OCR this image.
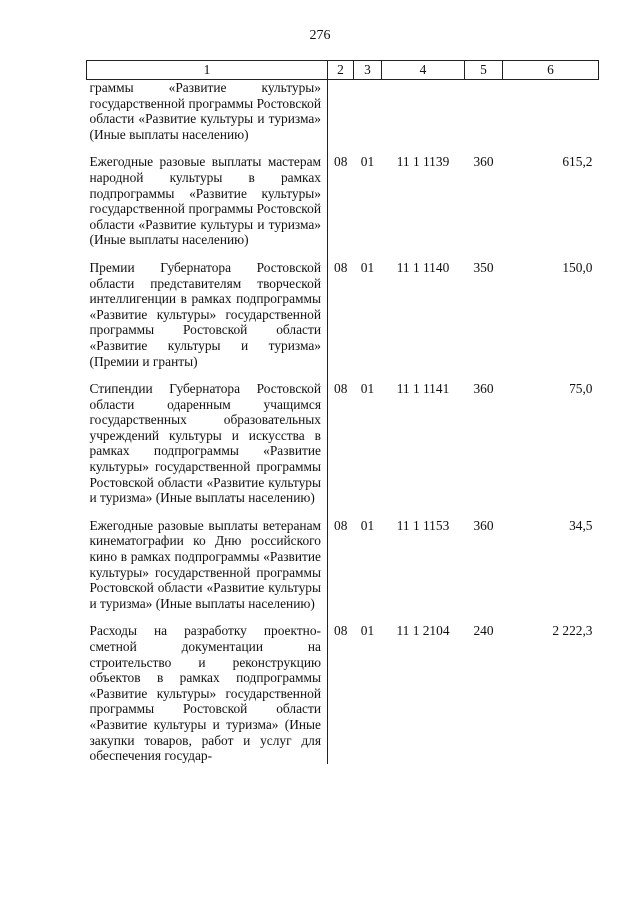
276
1	2	3	4	5	6
граммы «Развитие культуры» государственной программы Ростовской области «Развитие культуры и туризма» (Иные выплаты населению)					
Ежегодные разовые выплаты мастерам народной культуры в рамках подпрограммы «Развитие культуры» государственной программы Ростовской области «Развитие культуры и туризма» (Иные выплаты населению)	08	01	11 1 1139	360	615,2
Премии Губернатора Ростовской области представителям творческой интеллигенции в рамках подпрограммы «Развитие культуры» государственной программы Ростовской области «Развитие культуры и туризма» (Премии и гранты)	08	01	11 1 1140	350	150,0
Стипендии Губернатора Ростовской области одаренным учащимся государственных образовательных учреждений культуры и искусства в рамках подпрограммы «Развитие культуры» государственной программы Ростовской области «Развитие культуры и туризма» (Иные выплаты населению)	08	01	11 1 1141	360	75,0
Ежегодные разовые выплаты ветеранам кинематографии ко Дню российского кино в рамках подпрограммы «Развитие культуры» государственной программы Ростовской области «Развитие культуры и туризма» (Иные выплаты населению)	08	01	11 1 1153	360	34,5
Расходы на разработку проектно-сметной документации на строительство и реконструкцию объектов в рамках подпрограммы «Развитие культуры» государственной программы Ростовской области «Развитие культуры и туризма» (Иные закупки товаров, работ и услуг для обеспечения государ-	08	01	11 1 2104	240	2 222,3
